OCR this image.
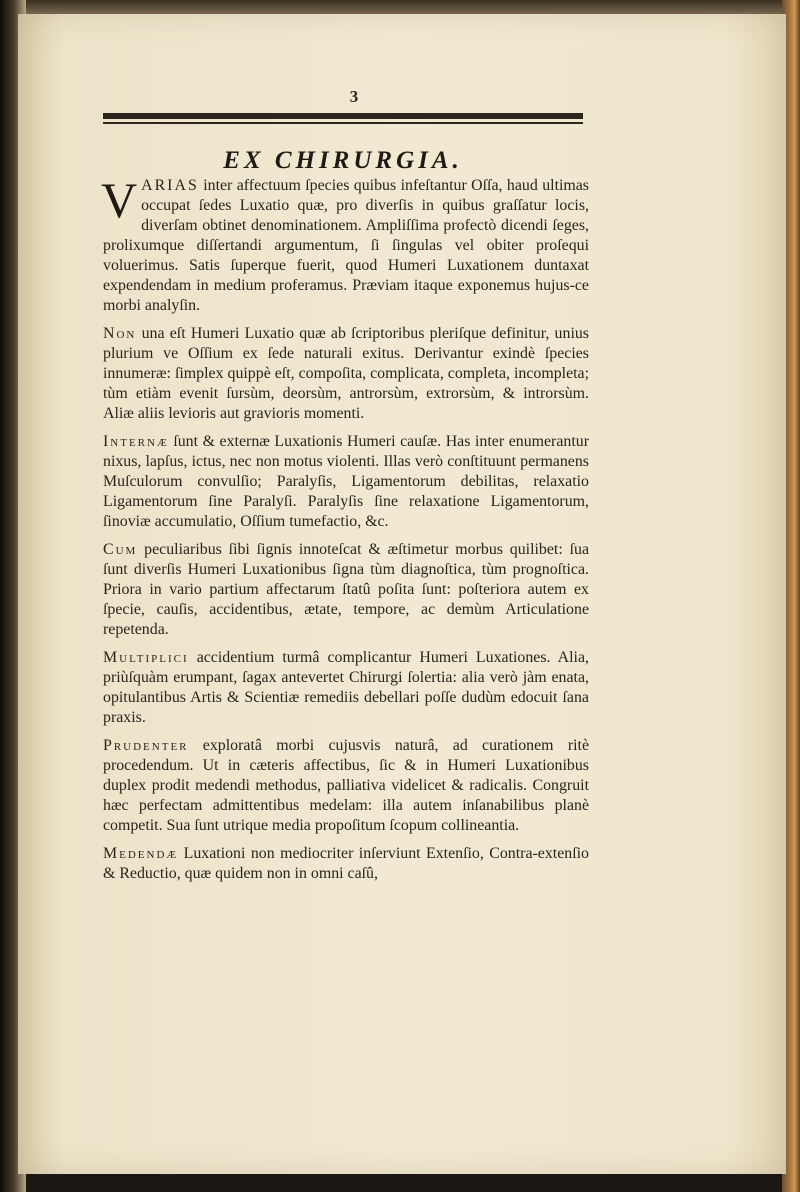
3
EX CHIRURGIA.

VARIAS inter affectuum ſpecies quibus infeſtantur Oſſa, haud ultimas occupat ſedes Luxatio quæ, pro diverſis in quibus graſſatur locis, diverſam obtinet denominationem. Ampliſſima profectò dicendi ſeges, prolixumque diſſertandi argumentum, ſi ſingulas vel obiter proſequi voluerimus. Satis ſuperque fuerit, quod Humeri Luxationem duntaxat expendendam in medium proferamus. Præviam itaque exponemus hujus-ce morbi analyſin.

Non una eſt Humeri Luxatio quæ ab ſcriptoribus pleriſque definitur, unius plurium ve Oſſium ex ſede naturali exitus. Derivantur exindè ſpecies innumeræ: ſimplex quippè eſt, compoſita, complicata, completa, incompleta; tùm etiàm evenit ſursùm, deorsùm, antrorsùm, extrorsùm, & introrsùm. Aliæ aliis levioris aut gravioris momenti.

Internæ ſunt & externæ Luxationis Humeri cauſæ. Has inter enumerantur nixus, lapſus, ictus, nec non motus violenti. Illas verò conſtituunt permanens Muſculorum convulſio; Paralyſis, Ligamentorum debilitas, relaxatio Ligamentorum ſine Paralyſi. Paralyſis ſine relaxatione Ligamentorum, ſinoviæ accumulatio, Oſſium tumefactio, &c.

Cum peculiaribus ſibi ſignis innoteſcat & æſtimetur morbus quilibet: ſua ſunt diverſis Humeri Luxationibus ſigna tùm diagnoſtica, tùm prognoſtica. Priora in vario partium affectarum ſtatû poſita ſunt: poſteriora autem ex ſpecie, cauſis, accidentibus, ætate, tempore, ac demùm Articulatione repetenda.

Multiplici accidentium turmâ complicantur Humeri Luxationes. Alia, priùſquàm erumpant, ſagax antevertet Chirurgi ſolertia: alia verò jàm enata, opitulantibus Artis & Scientiæ remediis debellari poſſe dudùm edocuit ſana praxis.

Prudenter exploratâ morbi cujusvis naturâ, ad curationem ritè procedendum. Ut in cæteris affectibus, ſic & in Humeri Luxationibus duplex prodit medendi methodus, palliativa videlicet & radicalis. Congruit hæc perfectam admittentibus medelam: illa autem inſanabilibus planè competit. Sua ſunt utrique media propoſitum ſcopum collineantia.

Medendæ Luxationi non mediocriter inſerviunt Extenſio, Contra-extenſio & Reductio, quæ quidem non in omni caſû,
